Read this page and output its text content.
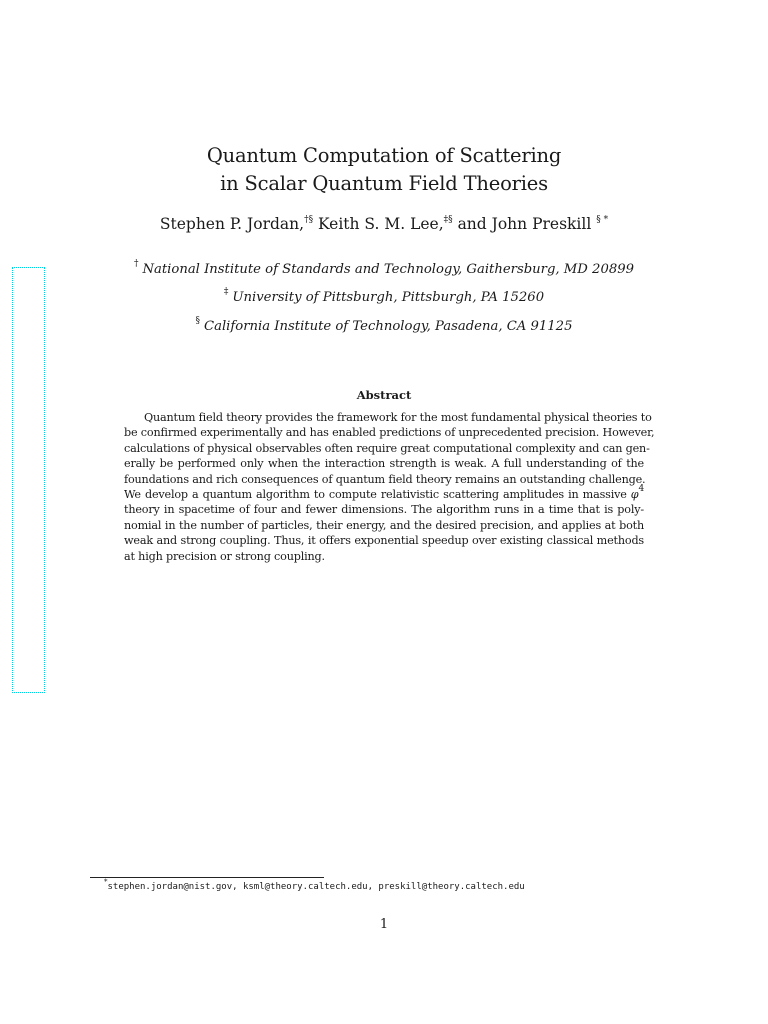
Quantum Computation of Scattering
in Scalar Quantum Field Theories
Stephen P. Jordan,†§ Keith S. M. Lee,‡§ and John Preskill § *
† National Institute of Standards and Technology, Gaithersburg, MD 20899
‡ University of Pittsburgh, Pittsburgh, PA 15260
§ California Institute of Technology, Pasadena, CA 91125
Abstract
Quantum field theory provides the framework for the most fundamental physical theories to
be confirmed experimentally and has enabled predictions of unprecedented precision. However,
calculations of physical observables often require great computational complexity and can gen-
erally be performed only when the interaction strength is weak. A full understanding of the
foundations and rich consequences of quantum field theory remains an outstanding challenge.
We develop a quantum algorithm to compute relativistic scattering amplitudes in massive $\varphi^4$
theory in spacetime of four and fewer dimensions. The algorithm runs in a time that is poly-
nomial in the number of particles, their energy, and the desired precision, and applies at both
weak and strong coupling. Thus, it offers exponential speedup over existing classical methods
at high precision or strong coupling.
*stephen.jordan@nist.gov, ksml@theory.caltech.edu, preskill@theory.caltech.edu
1
